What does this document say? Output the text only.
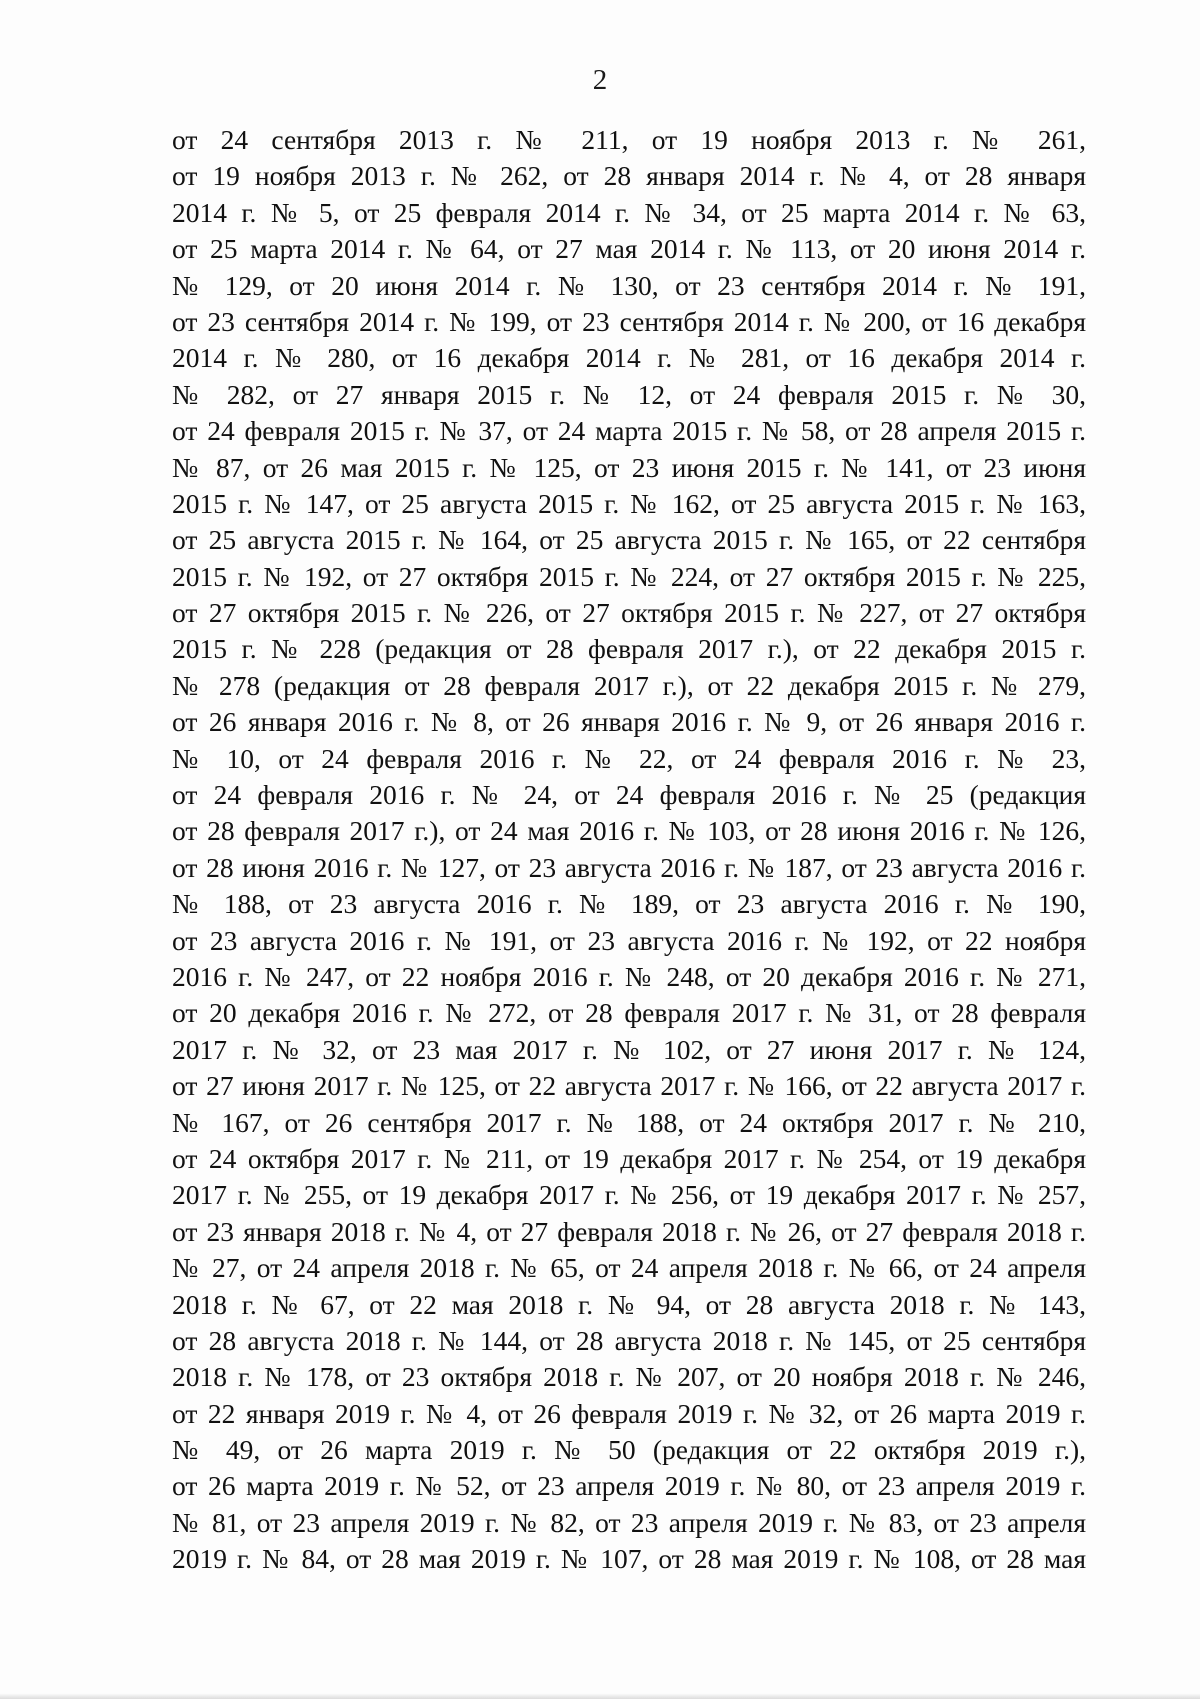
2
от 24 сентября 2013 г. № 211, от 19 ноября 2013 г. № 261,
от 19 ноября 2013 г. № 262, от 28 января 2014 г. № 4, от 28 января
2014 г. № 5, от 25 февраля 2014 г. № 34, от 25 марта 2014 г. № 63,
от 25 марта 2014 г. № 64, от 27 мая 2014 г. № 113, от 20 июня 2014 г.
№ 129, от 20 июня 2014 г. № 130, от 23 сентября 2014 г. № 191,
от 23 сентября 2014 г. № 199, от 23 сентября 2014 г. № 200, от 16 декабря
2014 г. № 280, от 16 декабря 2014 г. № 281, от 16 декабря 2014 г.
№ 282, от 27 января 2015 г. № 12, от 24 февраля 2015 г. № 30,
от 24 февраля 2015 г. № 37, от 24 марта 2015 г. № 58, от 28 апреля 2015 г.
№ 87, от 26 мая 2015 г. № 125, от 23 июня 2015 г. № 141, от 23 июня
2015 г. № 147, от 25 августа 2015 г. № 162, от 25 августа 2015 г. № 163,
от 25 августа 2015 г. № 164, от 25 августа 2015 г. № 165, от 22 сентября
2015 г. № 192, от 27 октября 2015 г. № 224, от 27 октября 2015 г. № 225,
от 27 октября 2015 г. № 226, от 27 октября 2015 г. № 227, от 27 октября
2015 г. № 228 (редакция от 28 февраля 2017 г.), от 22 декабря 2015 г.
№ 278 (редакция от 28 февраля 2017 г.), от 22 декабря 2015 г. № 279,
от 26 января 2016 г. № 8, от 26 января 2016 г. № 9, от 26 января 2016 г.
№ 10, от 24 февраля 2016 г. № 22, от 24 февраля 2016 г. № 23,
от 24 февраля 2016 г. № 24, от 24 февраля 2016 г. № 25 (редакция
от 28 февраля 2017 г.), от 24 мая 2016 г. № 103, от 28 июня 2016 г. № 126,
от 28 июня 2016 г. № 127, от 23 августа 2016 г. № 187, от 23 августа 2016 г.
№ 188, от 23 августа 2016 г. № 189, от 23 августа 2016 г. № 190,
от 23 августа 2016 г. № 191, от 23 августа 2016 г. № 192, от 22 ноября
2016 г. № 247, от 22 ноября 2016 г. № 248, от 20 декабря 2016 г. № 271,
от 20 декабря 2016 г. № 272, от 28 февраля 2017 г. № 31, от 28 февраля
2017 г. № 32, от 23 мая 2017 г. № 102, от 27 июня 2017 г. № 124,
от 27 июня 2017 г. № 125, от 22 августа 2017 г. № 166, от 22 августа 2017 г.
№ 167, от 26 сентября 2017 г. № 188, от 24 октября 2017 г. № 210,
от 24 октября 2017 г. № 211, от 19 декабря 2017 г. № 254, от 19 декабря
2017 г. № 255, от 19 декабря 2017 г. № 256, от 19 декабря 2017 г. № 257,
от 23 января 2018 г. № 4, от 27 февраля 2018 г. № 26, от 27 февраля 2018 г.
№ 27, от 24 апреля 2018 г. № 65, от 24 апреля 2018 г. № 66, от 24 апреля
2018 г. № 67, от 22 мая 2018 г. № 94, от 28 августа 2018 г. № 143,
от 28 августа 2018 г. № 144, от 28 августа 2018 г. № 145, от 25 сентября
2018 г. № 178, от 23 октября 2018 г. № 207, от 20 ноября 2018 г. № 246,
от 22 января 2019 г. № 4, от 26 февраля 2019 г. № 32, от 26 марта 2019 г.
№ 49, от 26 марта 2019 г. № 50 (редакция от 22 октября 2019 г.),
от 26 марта 2019 г. № 52, от 23 апреля 2019 г. № 80, от 23 апреля 2019 г.
№ 81, от 23 апреля 2019 г. № 82, от 23 апреля 2019 г. № 83, от 23 апреля
2019 г. № 84, от 28 мая 2019 г. № 107, от 28 мая 2019 г. № 108, от 28 мая
